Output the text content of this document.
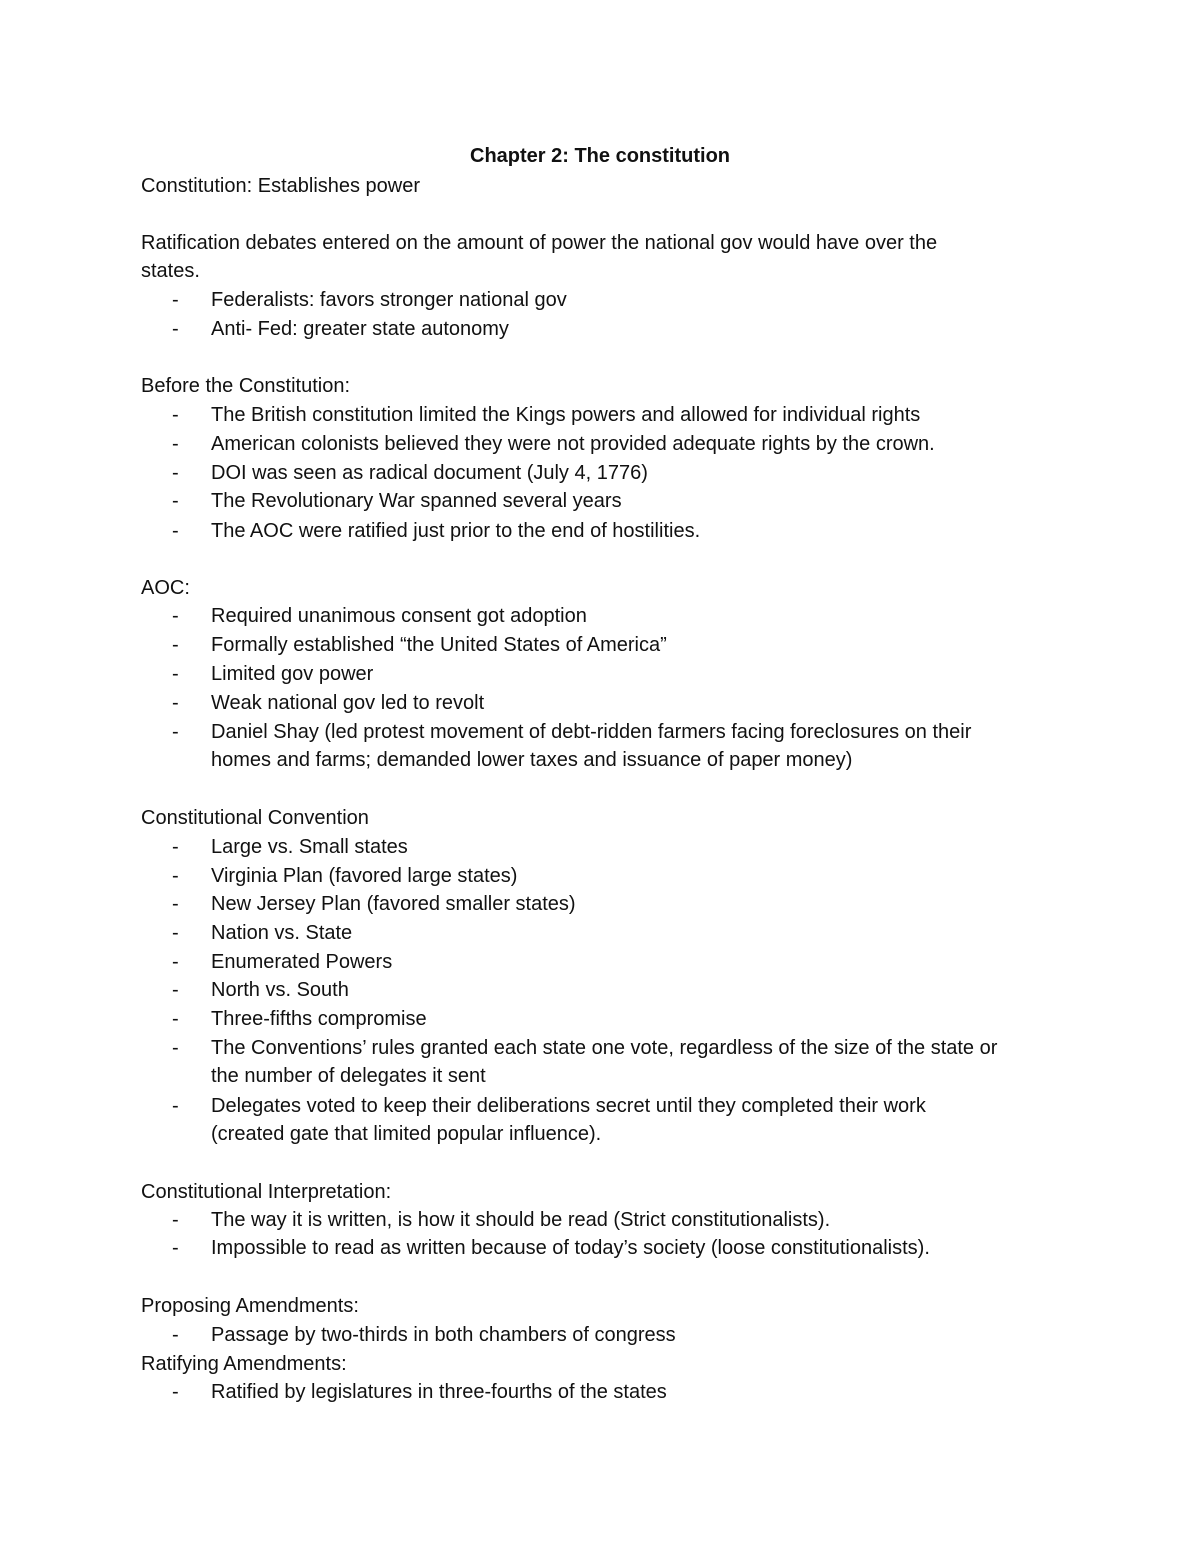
Chapter 2: The constitution

Constitution: Establishes power

Ratification debates entered on the amount of power the national gov would have over the

states.

- Federalists: favors stronger national gov

- Anti- Fed: greater state autonomy

Before the Constitution:

- The British constitution limited the Kings powers and allowed for individual rights

- American colonists believed they were not provided adequate rights by the crown.

- DOI was seen as radical document (July 4, 1776)

- The Revolutionary War spanned several years

- The AOC were ratified just prior to the end of hostilities.

AOC:

- Required unanimous consent got adoption

- Formally established “the United States of America”

- Limited gov power

- Weak national gov led to revolt

- Daniel Shay (led protest movement of debt-ridden farmers facing foreclosures on their

homes and farms; demanded lower taxes and issuance of paper money)

Constitutional Convention

- Large vs. Small states

- Virginia Plan (favored large states)

- New Jersey Plan (favored smaller states)

- Nation vs. State

- Enumerated Powers

- North vs. South

- Three-fifths compromise

- The Conventions’ rules granted each state one vote, regardless of the size of the state or

the number of delegates it sent

- Delegates voted to keep their deliberations secret until they completed their work

(created gate that limited popular influence).

Constitutional Interpretation:

- The way it is written, is how it should be read (Strict constitutionalists).

- Impossible to read as written because of today’s society (loose constitutionalists).

Proposing Amendments:

- Passage by two-thirds in both chambers of congress

Ratifying Amendments:

- Ratified by legislatures in three-fourths of the states
